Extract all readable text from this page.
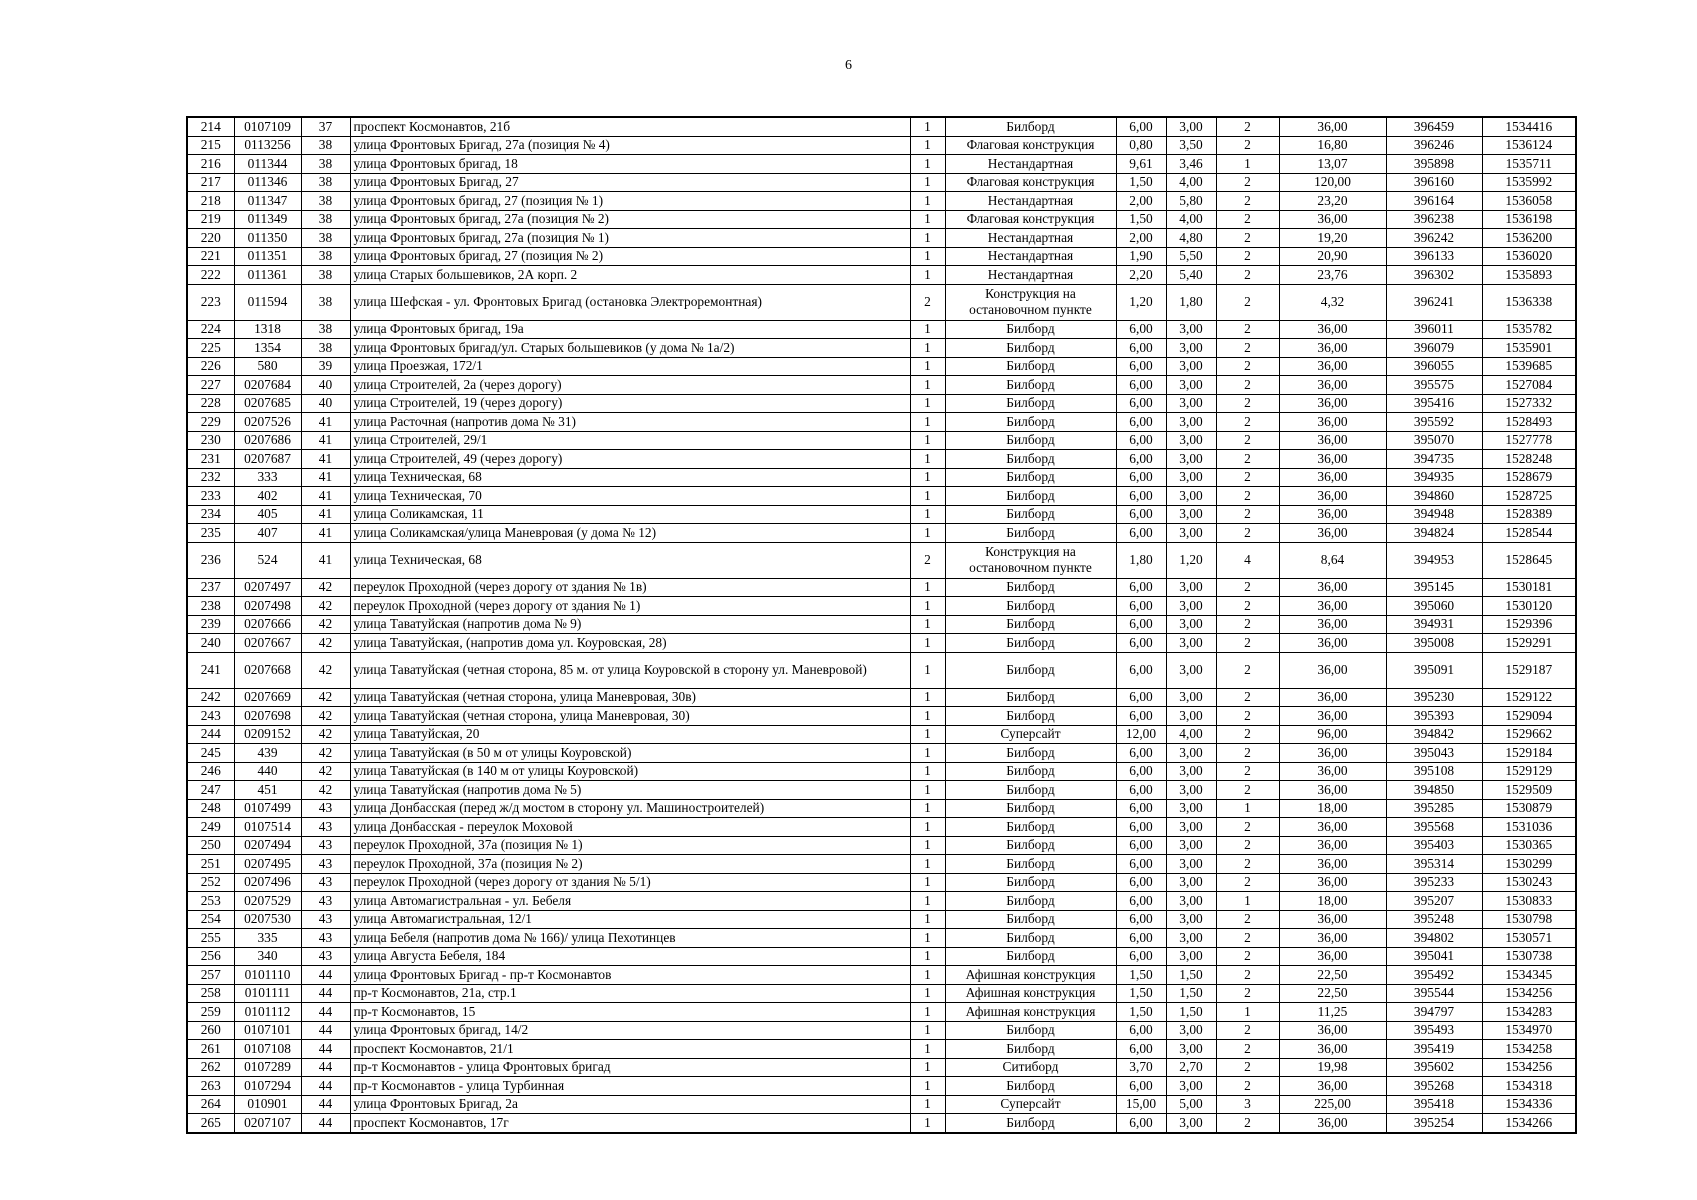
6
214	0107109	37	проспект Космонавтов, 21б	1	Билборд	6,00	3,00	2	36,00	396459	1534416
215	0113256	38	улица Фронтовых Бригад, 27а (позиция № 4)	1	Флаговая конструкция	0,80	3,50	2	16,80	396246	1536124
216	011344	38	улица Фронтовых бригад, 18	1	Нестандартная	9,61	3,46	1	13,07	395898	1535711
217	011346	38	улица Фронтовых Бригад, 27	1	Флаговая конструкция	1,50	4,00	2	120,00	396160	1535992
218	011347	38	улица Фронтовых бригад, 27 (позиция № 1)	1	Нестандартная	2,00	5,80	2	23,20	396164	1536058
219	011349	38	улица Фронтовых бригад, 27а (позиция № 2)	1	Флаговая конструкция	1,50	4,00	2	36,00	396238	1536198
220	011350	38	улица Фронтовых бригад, 27а (позиция № 1)	1	Нестандартная	2,00	4,80	2	19,20	396242	1536200
221	011351	38	улица Фронтовых бригад, 27 (позиция № 2)	1	Нестандартная	1,90	5,50	2	20,90	396133	1536020
222	011361	38	улица Старых большевиков, 2А корп. 2	1	Нестандартная	2,20	5,40	2	23,76	396302	1535893
223	011594	38	улица Шефская - ул. Фронтовых Бригад (остановка Электроремонтная)	2	Конструкция на остановочном пункте	1,20	1,80	2	4,32	396241	1536338
224	1318	38	улица Фронтовых бригад, 19а	1	Билборд	6,00	3,00	2	36,00	396011	1535782
225	1354	38	улица Фронтовых бригад/ул. Старых большевиков (у дома № 1а/2)	1	Билборд	6,00	3,00	2	36,00	396079	1535901
226	580	39	улица Проезжая, 172/1	1	Билборд	6,00	3,00	2	36,00	396055	1539685
227	0207684	40	улица Строителей, 2а (через дорогу)	1	Билборд	6,00	3,00	2	36,00	395575	1527084
228	0207685	40	улица Строителей, 19 (через дорогу)	1	Билборд	6,00	3,00	2	36,00	395416	1527332
229	0207526	41	улица Расточная (напротив дома № 31)	1	Билборд	6,00	3,00	2	36,00	395592	1528493
230	0207686	41	улица Строителей, 29/1	1	Билборд	6,00	3,00	2	36,00	395070	1527778
231	0207687	41	улица Строителей, 49 (через дорогу)	1	Билборд	6,00	3,00	2	36,00	394735	1528248
232	333	41	улица Техническая, 68	1	Билборд	6,00	3,00	2	36,00	394935	1528679
233	402	41	улица Техническая, 70	1	Билборд	6,00	3,00	2	36,00	394860	1528725
234	405	41	улица Соликамская, 11	1	Билборд	6,00	3,00	2	36,00	394948	1528389
235	407	41	улица Соликамская/улица Маневровая (у дома № 12)	1	Билборд	6,00	3,00	2	36,00	394824	1528544
236	524	41	улица Техническая, 68	2	Конструкция на остановочном пункте	1,80	1,20	4	8,64	394953	1528645
237	0207497	42	переулок Проходной (через дорогу от здания № 1в)	1	Билборд	6,00	3,00	2	36,00	395145	1530181
238	0207498	42	переулок Проходной (через дорогу от здания № 1)	1	Билборд	6,00	3,00	2	36,00	395060	1530120
239	0207666	42	улица Таватуйская (напротив дома № 9)	1	Билборд	6,00	3,00	2	36,00	394931	1529396
240	0207667	42	улица Таватуйская, (напротив дома ул. Коуровская, 28)	1	Билборд	6,00	3,00	2	36,00	395008	1529291
241	0207668	42	улица Таватуйская (четная сторона, 85 м. от улица Коуровской в сторону ул. Маневровой)	1	Билборд	6,00	3,00	2	36,00	395091	1529187
242	0207669	42	улица Таватуйская (четная сторона, улица Маневровая, 30в)	1	Билборд	6,00	3,00	2	36,00	395230	1529122
243	0207698	42	улица Таватуйская (четная сторона, улица Маневровая, 30)	1	Билборд	6,00	3,00	2	36,00	395393	1529094
244	0209152	42	улица Таватуйская, 20	1	Суперсайт	12,00	4,00	2	96,00	394842	1529662
245	439	42	улица Таватуйская (в 50 м от улицы Коуровской)	1	Билборд	6,00	3,00	2	36,00	395043	1529184
246	440	42	улица Таватуйская (в 140 м от улицы Коуровской)	1	Билборд	6,00	3,00	2	36,00	395108	1529129
247	451	42	улица Таватуйская (напротив дома № 5)	1	Билборд	6,00	3,00	2	36,00	394850	1529509
248	0107499	43	улица Донбасская (перед ж/д мостом в сторону ул. Машиностроителей)	1	Билборд	6,00	3,00	1	18,00	395285	1530879
249	0107514	43	улица Донбасская - переулок Моховой	1	Билборд	6,00	3,00	2	36,00	395568	1531036
250	0207494	43	переулок Проходной, 37а (позиция № 1)	1	Билборд	6,00	3,00	2	36,00	395403	1530365
251	0207495	43	переулок Проходной, 37а (позиция № 2)	1	Билборд	6,00	3,00	2	36,00	395314	1530299
252	0207496	43	переулок Проходной (через дорогу от здания № 5/1)	1	Билборд	6,00	3,00	2	36,00	395233	1530243
253	0207529	43	улица Автомагистральная - ул. Бебеля	1	Билборд	6,00	3,00	1	18,00	395207	1530833
254	0207530	43	улица Автомагистральная, 12/1	1	Билборд	6,00	3,00	2	36,00	395248	1530798
255	335	43	улица Бебеля (напротив дома № 166)/ улица Пехотинцев	1	Билборд	6,00	3,00	2	36,00	394802	1530571
256	340	43	улица Августа Бебеля, 184	1	Билборд	6,00	3,00	2	36,00	395041	1530738
257	0101110	44	улица Фронтовых Бригад - пр-т Космонавтов	1	Афишная конструкция	1,50	1,50	2	22,50	395492	1534345
258	0101111	44	пр-т Космонавтов, 21а, стр.1	1	Афишная конструкция	1,50	1,50	2	22,50	395544	1534256
259	0101112	44	пр-т Космонавтов, 15	1	Афишная конструкция	1,50	1,50	1	11,25	394797	1534283
260	0107101	44	улица Фронтовых бригад, 14/2	1	Билборд	6,00	3,00	2	36,00	395493	1534970
261	0107108	44	проспект Космонавтов, 21/1	1	Билборд	6,00	3,00	2	36,00	395419	1534258
262	0107289	44	пр-т Космонавтов - улица Фронтовых бригад	1	Ситиборд	3,70	2,70	2	19,98	395602	1534256
263	0107294	44	пр-т Космонавтов - улица Турбинная	1	Билборд	6,00	3,00	2	36,00	395268	1534318
264	010901	44	улица Фронтовых Бригад, 2а	1	Суперсайт	15,00	5,00	3	225,00	395418	1534336
265	0207107	44	проспект Космонавтов, 17г	1	Билборд	6,00	3,00	2	36,00	395254	1534266
